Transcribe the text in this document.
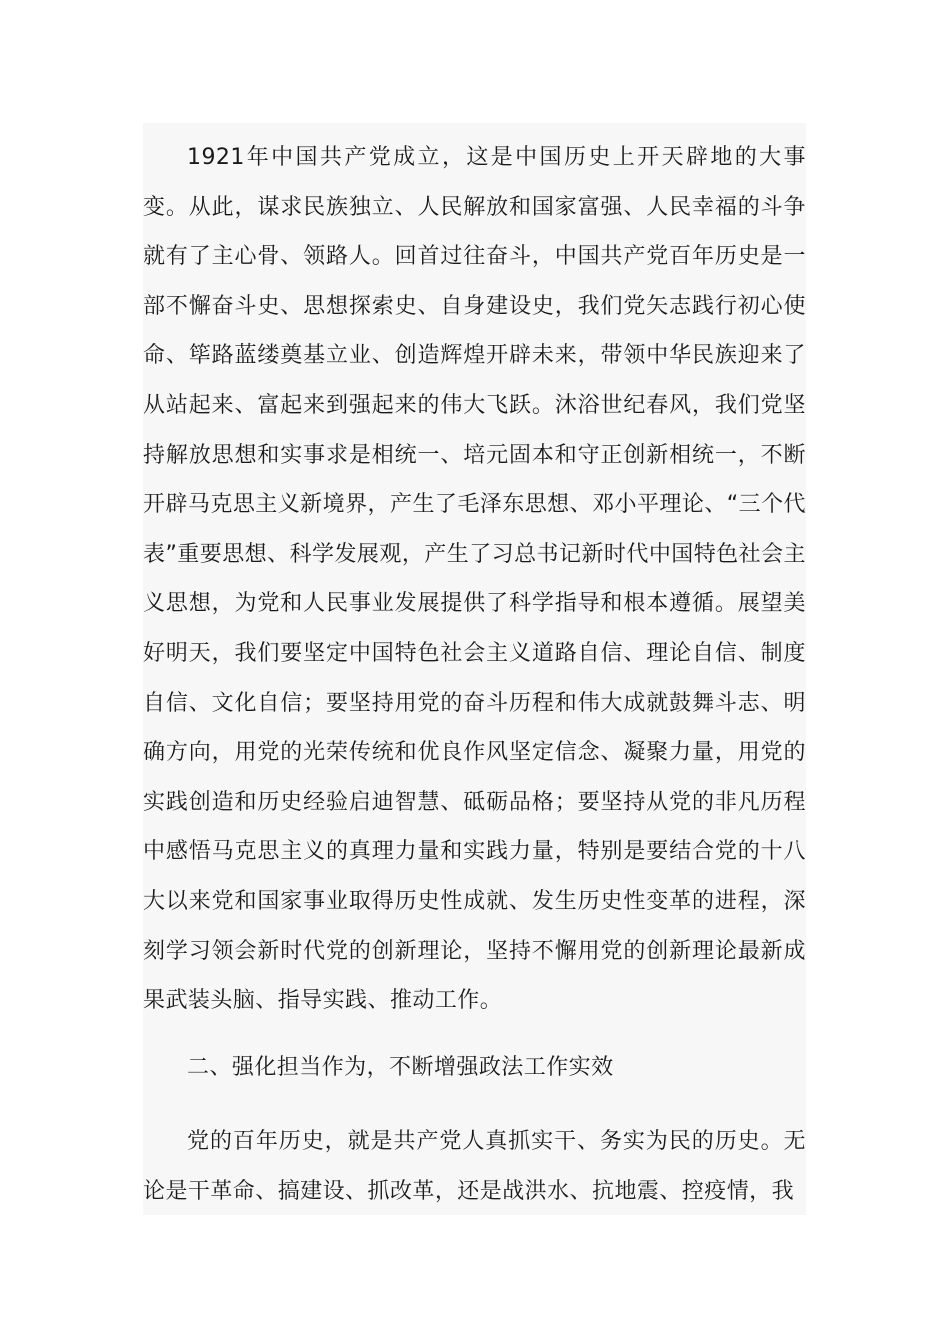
1921年中国共产党成立，这是中国历史上开天辟地的大事变。从此，谋求民族独立、人民解放和国家富强、人民幸福的斗争就有了主心骨、领路人。回首过往奋斗，中国共产党百年历史是一部不懈奋斗史、思想探索史、自身建设史，我们党矢志践行初心使命、筚路蓝缕奠基立业、创造辉煌开辟未来，带领中华民族迎来了从站起来、富起来到强起来的伟大飞跃。沐浴世纪春风，我们党坚持解放思想和实事求是相统一、培元固本和守正创新相统一，不断开辟马克思主义新境界，产生了毛泽东思想、邓小平理论、“三个代表”重要思想、科学发展观，产生了习总书记新时代中国特色社会主义思想，为党和人民事业发展提供了科学指导和根本遵循。展望美好明天，我们要坚定中国特色社会主义道路自信、理论自信、制度自信、文化自信；要坚持用党的奋斗历程和伟大成就鼓舞斗志、明确方向，用党的光荣传统和优良作风坚定信念、凝聚力量，用党的实践创造和历史经验启迪智慧、砥砺品格；要坚持从党的非凡历程中感悟马克思主义的真理力量和实践力量，特别是要结合党的十八大以来党和国家事业取得历史性成就、发生历史性变革的进程，深刻学习领会新时代党的创新理论，坚持不懈用党的创新理论最新成果武装头脑、指导实践、推动工作。

二、强化担当作为，不断增强政法工作实效

党的百年历史，就是共产党人真抓实干、务实为民的历史。无论是干革命、搞建设、抓改革，还是战洪水、抗地震、控疫情，我
